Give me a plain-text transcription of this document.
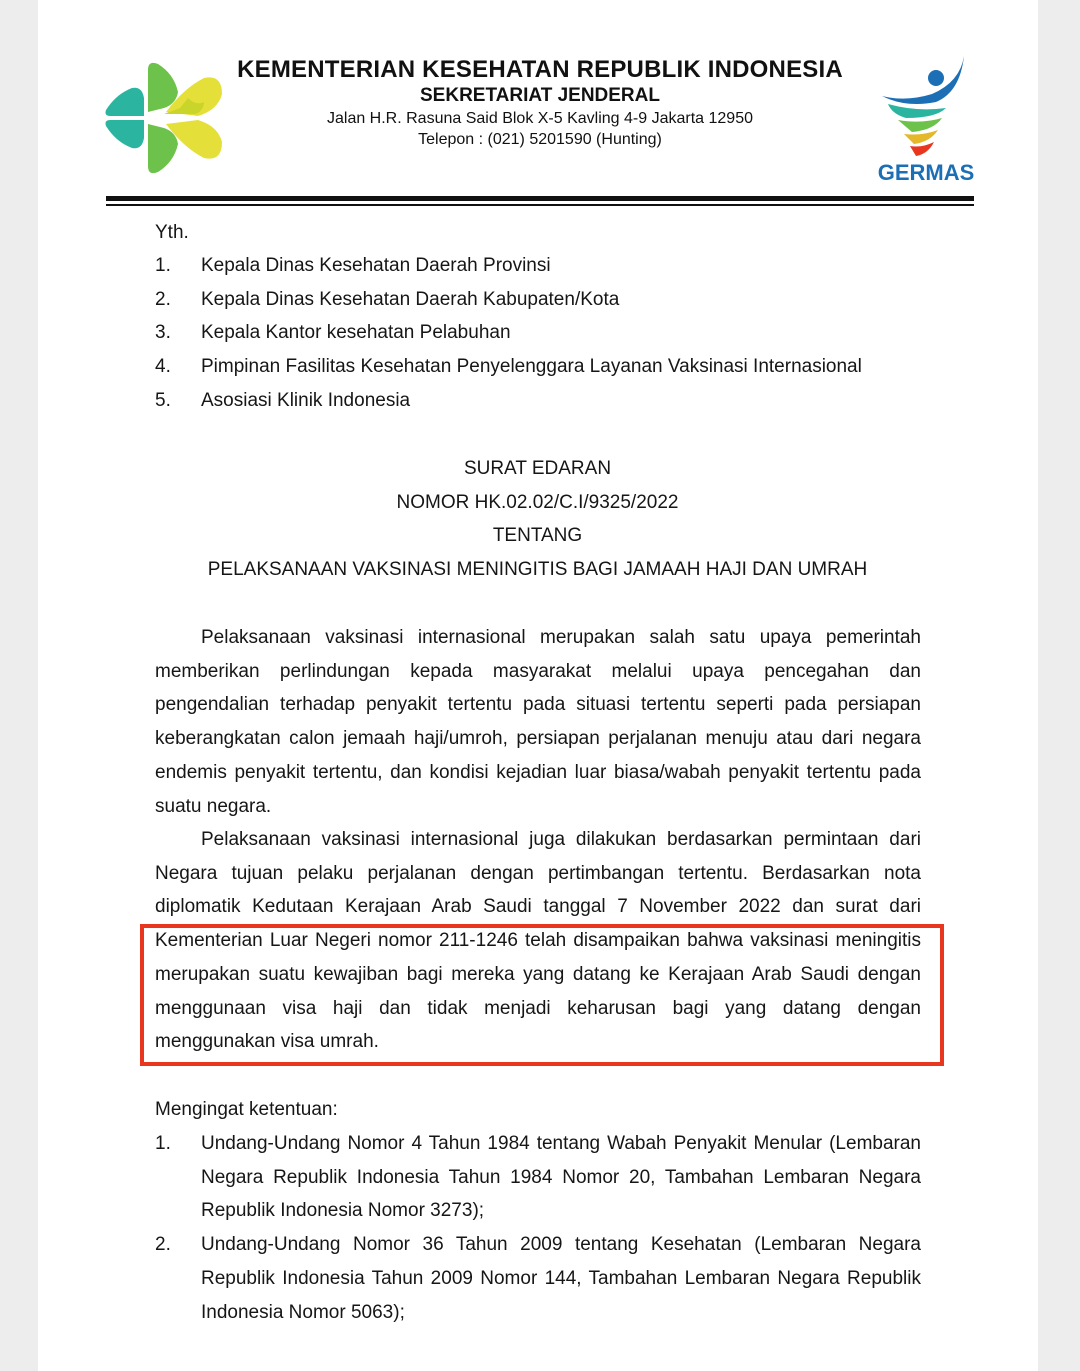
KEMENTERIAN KESEHATAN REPUBLIK INDONESIA
SEKRETARIAT JENDERAL
Jalan H.R. Rasuna Said Blok X-5 Kavling 4-9 Jakarta 12950
Telepon : (021) 5201590 (Hunting)
GERMAS
Yth.
1.	Kepala Dinas Kesehatan Daerah Provinsi
2.	Kepala Dinas Kesehatan Daerah Kabupaten/Kota
3.	Kepala Kantor kesehatan Pelabuhan
4.	Pimpinan Fasilitas Kesehatan Penyelenggara Layanan Vaksinasi Internasional
5.	Asosiasi Klinik Indonesia
SURAT EDARAN
NOMOR HK.02.02/C.I/9325/2022
TENTANG
PELAKSANAAN VAKSINASI MENINGITIS BAGI JAMAAH HAJI DAN UMRAH

Pelaksanaan vaksinasi internasional merupakan salah satu upaya pemerintah memberikan perlindungan kepada masyarakat melalui upaya pencegahan dan pengendalian terhadap penyakit tertentu pada situasi tertentu seperti pada persiapan keberangkatan calon jemaah haji/umroh, persiapan perjalanan menuju atau dari negara endemis penyakit tertentu, dan kondisi kejadian luar biasa/wabah penyakit tertentu pada suatu negara.

Pelaksanaan vaksinasi internasional juga dilakukan berdasarkan permintaan dari Negara tujuan pelaku perjalanan dengan pertimbangan tertentu. Berdasarkan nota diplomatik Kedutaan Kerajaan Arab Saudi tanggal 7 November 2022 dan surat dari Kementerian Luar Negeri nomor 211-1246 telah disampaikan bahwa vaksinasi meningitis merupakan suatu kewajiban bagi mereka yang datang ke Kerajaan Arab Saudi dengan menggunaan visa haji dan tidak menjadi keharusan bagi yang datang dengan menggunakan visa umrah.

Mengingat ketentuan:
1.	Undang-Undang Nomor 4 Tahun 1984 tentang Wabah Penyakit Menular (Lembaran Negara Republik Indonesia Tahun 1984 Nomor 20, Tambahan Lembaran Negara Republik Indonesia Nomor 3273);
2.	Undang-Undang Nomor 36 Tahun 2009 tentang Kesehatan (Lembaran Negara Republik Indonesia Tahun 2009 Nomor 144, Tambahan Lembaran Negara Republik Indonesia Nomor 5063);
